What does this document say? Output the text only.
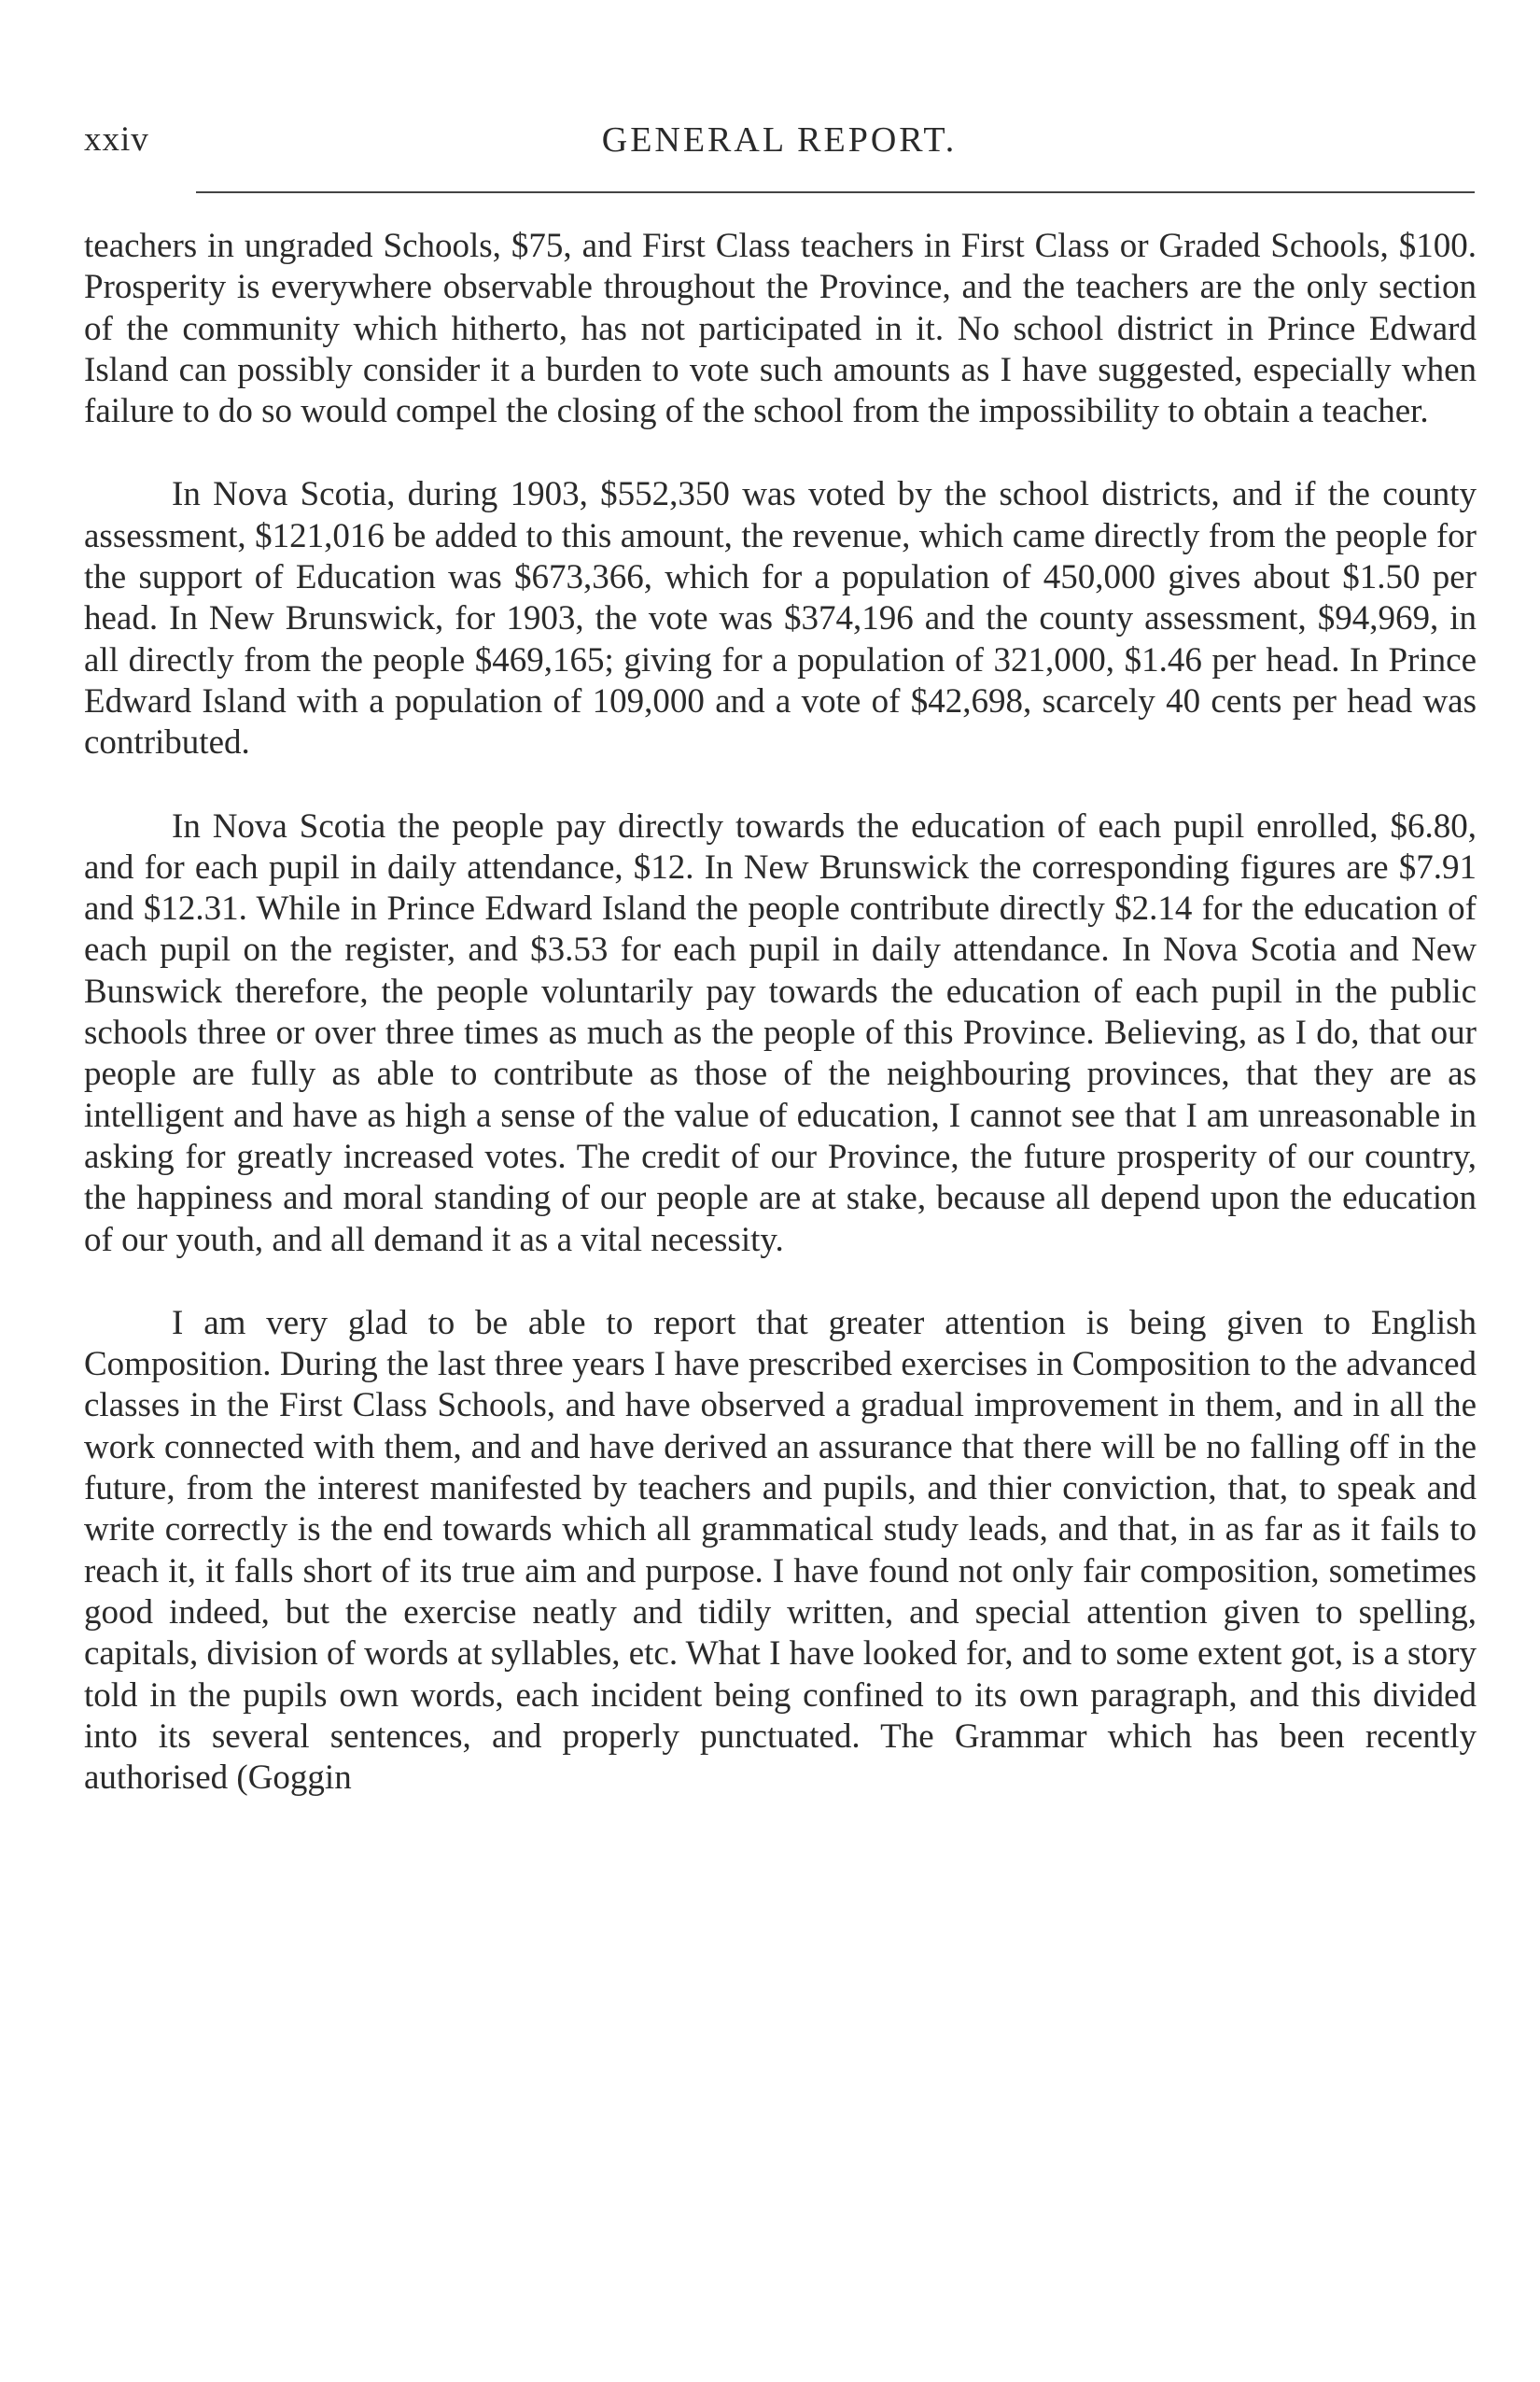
xxiv	GENERAL REPORT.

teachers in ungraded Schools, $75, and First Class teachers in First Class or Graded Schools, $100. Prosperity is everywhere observable throughout the Province, and the teachers are the only section of the community which hitherto, has not participated in it. No school district in Prince Edward Island can possibly consider it a burden to vote such amounts as I have suggested, especially when failure to do so would compel the closing of the school from the impossibility to obtain a teacher.

In Nova Scotia, during 1903, $552,350 was voted by the school districts, and if the county assessment, $121,016 be added to this amount, the revenue, which came directly from the people for the support of Education was $673,366, which for a population of 450,000 gives about $1.50 per head. In New Brunswick, for 1903, the vote was $374,196 and the county assessment, $94,969, in all directly from the people $469,165; giving for a population of 321,000, $1.46 per head. In Prince Edward Island with a population of 109,000 and a vote of $42,698, scarcely 40 cents per head was contributed.

In Nova Scotia the people pay directly towards the education of each pupil enrolled, $6.80, and for each pupil in daily attendance, $12. In New Brunswick the corresponding figures are $7.91 and $12.31. While in Prince Edward Island the people contribute directly $2.14 for the education of each pupil on the register, and $3.53 for each pupil in daily attendance. In Nova Scotia and New Bunswick therefore, the people voluntarily pay towards the education of each pupil in the public schools three or over three times as much as the people of this Province. Believing, as I do, that our people are fully as able to contribute as those of the neighbouring provinces, that they are as intelligent and have as high a sense of the value of education, I cannot see that I am unreasonable in asking for greatly increased votes. The credit of our Province, the future prosperity of our country, the happiness and moral standing of our people are at stake, because all depend upon the education of our youth, and all demand it as a vital necessity.

I am very glad to be able to report that greater attention is being given to English Composition. During the last three years I have prescribed exercises in Composition to the advanced classes in the First Class Schools, and have observed a gradual improvement in them, and in all the work connected with them, and and have derived an assurance that there will be no falling off in the future, from the interest manifested by teachers and pupils, and thier conviction, that, to speak and write correctly is the end towards which all grammatical study leads, and that, in as far as it fails to reach it, it falls short of its true aim and purpose. I have found not only fair composition, sometimes good indeed, but the exercise neatly and tidily written, and special attention given to spelling, capitals, division of words at syllables, etc. What I have looked for, and to some extent got, is a story told in the pupils own words, each incident being confined to its own paragraph, and this divided into its several sentences, and properly punctuated. The Grammar which has been recently authorised (Goggin
